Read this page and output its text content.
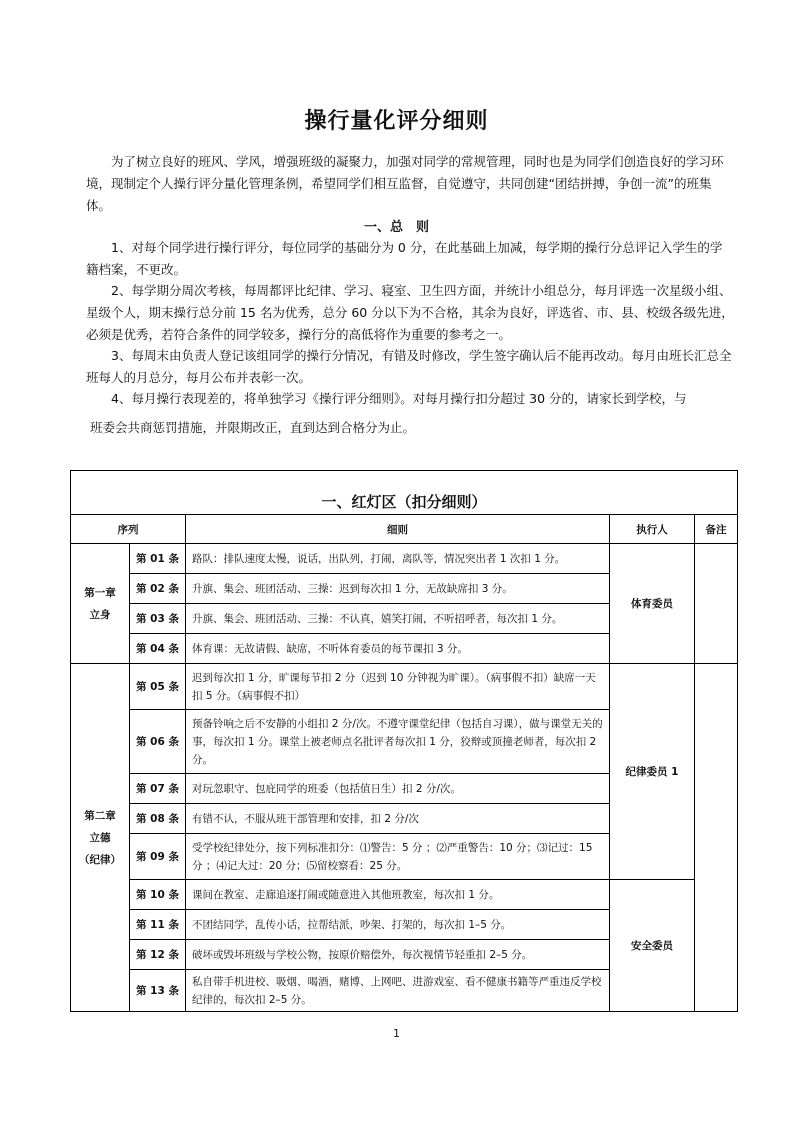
操行量化评分细则
为了树立良好的班风、学风，增强班级的凝聚力，加强对同学的常规管理，同时也是为同学们创造良好的学习环境，现制定个人操行评分量化管理条例，希望同学们相互监督，自觉遵守，共同创建“团结拼搏，争创一流”的班集体。
一、总　则
1、对每个同学进行操行评分，每位同学的基础分为 0 分，在此基础上加减，每学期的操行分总评记入学生的学籍档案，不更改。
2、每学期分周次考核，每周都评比纪律、学习、寝室、卫生四方面，并统计小组总分，每月评选一次星级小组、星级个人，期末操行总分前 15 名为优秀，总分 60 分以下为不合格，其余为良好，评选省、市、县、校级各级先进，必须是优秀，若符合条件的同学较多，操行分的高低将作为重要的参考之一。
3、每周末由负责人登记该组同学的操行分情况，有错及时修改，学生签字确认后不能再改动。每月由班长汇总全班每人的月总分，每月公布并表彰一次。
4、每月操行表现差的，将单独学习《操行评分细则》。对每月操行扣分超过 30 分的，请家长到学校，与
班委会共商惩罚措施，并限期改正，直到达到合格分为止。
一、红灯区（扣分细则）				
序列		细则	执行人	备注

第一章
立身	第 01 条	路队：排队速度太慢，说话，出队列，打闹，离队等，情况突出者 1 次扣 1 分。	体育委员	
	第 02 条	升旗、集会、班团活动、三操：迟到每次扣 1 分，无故缺席扣 3 分。		
	第 03 条	升旗、集会、班团活动、三操：不认真，嬉笑打闹，不听招呼者，每次扣 1 分。		
	第 04 条	体育课：无故请假、缺席，不听体育委员的每节课扣 3 分。		

第二章
立德
（纪律）	第 05 条	迟到每次扣 1 分，旷课每节扣 2 分（迟到 10 分钟视为旷课）。（病事假不扣）缺席一天扣 5 分。（病事假不扣）	纪律委员 1	
	第 06 条	预备铃响之后不安静的小组扣 2 分/次。不遵守课堂纪律（包括自习课），做与课堂无关的事，每次扣 1 分。课堂上被老师点名批评者每次扣 1 分，狡辩或顶撞老师者，每次扣 2 分。		
	第 07 条	对玩忽职守、包庇同学的班委（包括值日生）扣 2 分/次。		
	第 08 条	有错不认，不服从班干部管理和安排，扣 2 分/次		
	第 09 条	受学校纪律处分，按下列标准扣分：⑴警告：5 分 ；⑵严重警告：10 分；⑶记过：15 分 ；⑷记大过：20 分；⑸留校察看：25 分。		
	第 10 条	课间在教室、走廊追逐打闹或随意进入其他班教室，每次扣 1 分。	安全委员	
	第 11 条	不团结同学，乱传小话，拉帮结派，吵架、打架的，每次扣 1–5 分。		
	第 12 条	破坏或毁坏班级与学校公物，按原价赔偿外，每次视情节轻重扣 2–5 分。		
	第 13 条	私自带手机进校、吸烟、喝酒，赌博、上网吧、进游戏室、看不健康书籍等严重违反学校纪律的，每次扣 2–5 分。		
1
